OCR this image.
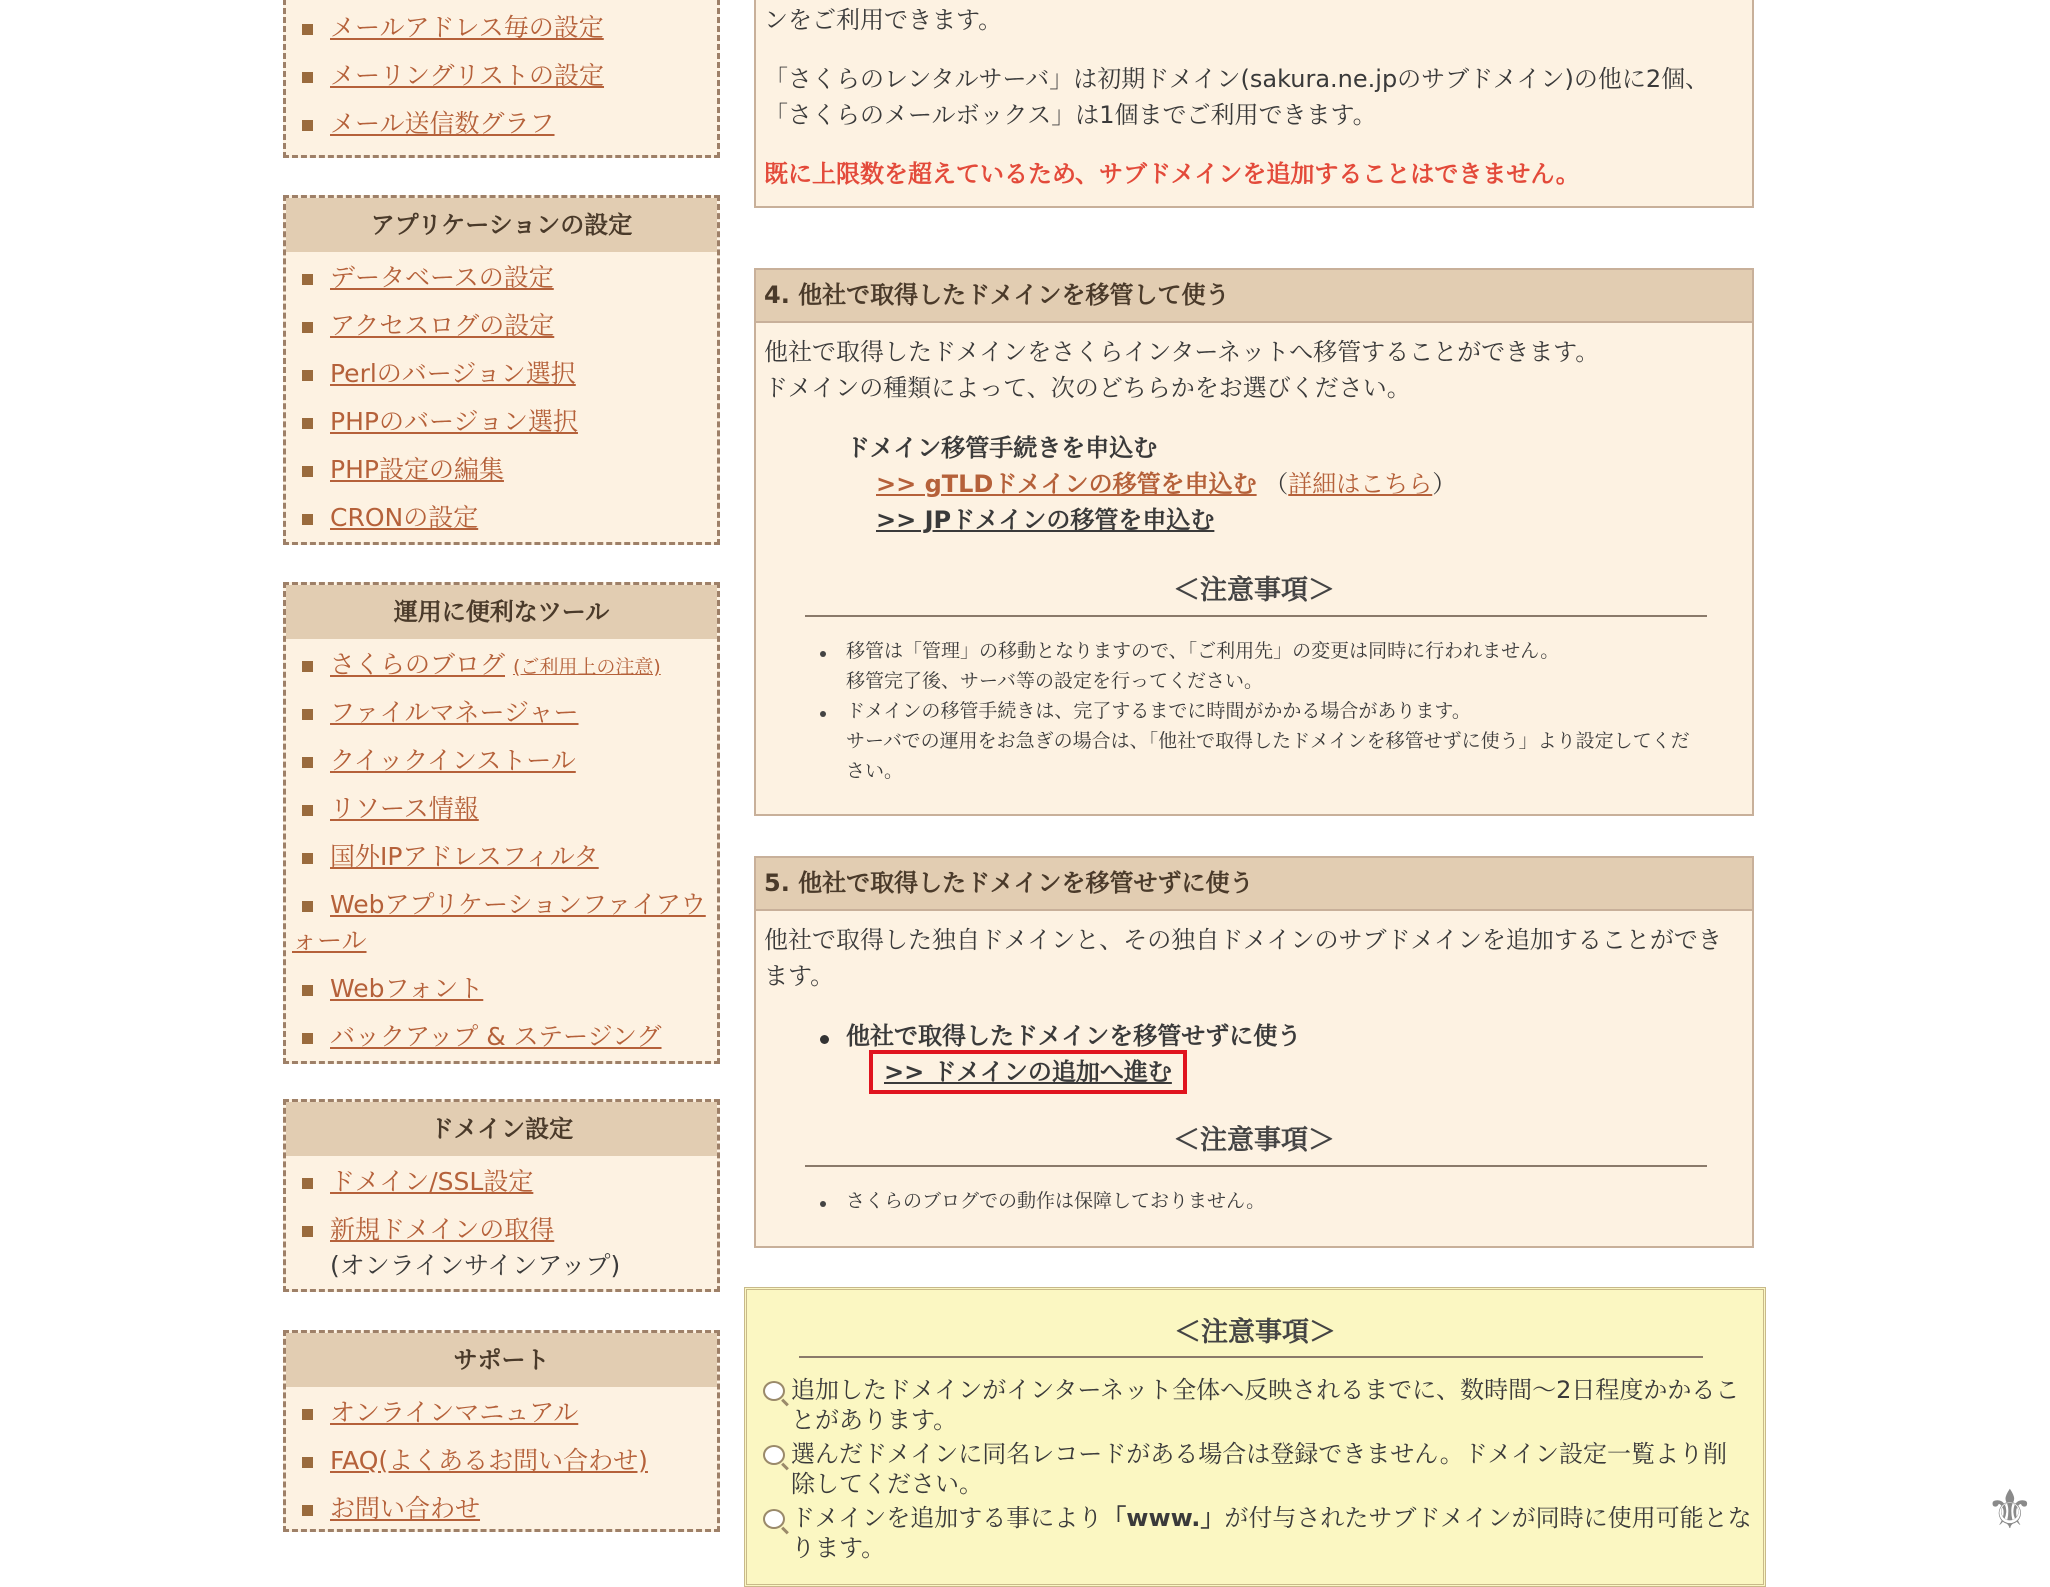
メールアドレス毎の設定
メーリングリストの設定
メール送信数グラフ
アプリケーションの設定
データベースの設定
アクセスログの設定
Perlのバージョン選択
PHPのバージョン選択
PHP設定の編集
CRONの設定
運用に便利なツール
さくらのブログ (ご利用上の注意)
ファイルマネージャー
クイックインストール
リソース情報
国外IPアドレスフィルタ
Webアプリケーションファイアウ
ォール
Webフォント
バックアップ & ステージング
ドメイン設定
ドメイン/SSL設定
新規ドメインの取得
(オンラインサインアップ)
サポート
オンラインマニュアル
FAQ(よくあるお問い合わせ)
お問い合わせ
ンをご利用できます。
「さくらのレンタルサーバ」は初期ドメイン(sakura.ne.jpのサブドメイン)の他に2個、
「さくらのメールボックス」は1個までご利用できます。
既に上限数を超えているため、サブドメインを追加することはできません。
4. 他社で取得したドメインを移管して使う
他社で取得したドメインをさくらインターネットへ移管することができます。
ドメインの種類によって、次のどちらかをお選びください。
ドメイン移管手続きを申込む
>> gTLDドメインの移管を申込む （詳細はこちら）
>> JPドメインの移管を申込む
＜注意事項＞
移管は「管理」の移動となりますので、「ご利用先」の変更は同時に行われません。
移管完了後、サーバ等の設定を行ってください。
ドメインの移管手続きは、完了するまでに時間がかかる場合があります。
サーバでの運用をお急ぎの場合は、「他社で取得したドメインを移管せずに使う」より設定してくだ
さい。
5. 他社で取得したドメインを移管せずに使う
他社で取得した独自ドメインと、その独自ドメインのサブドメインを追加することができ
ます。
他社で取得したドメインを移管せずに使う
>> ドメインの追加へ進む
＜注意事項＞
さくらのブログでの動作は保障しておりません。
＜注意事項＞
追加したドメインがインターネット全体へ反映されるまでに、数時間〜2日程度かかるこ
とがあります。
選んだドメインに同名レコードがある場合は登録できません。ドメイン設定一覧より削
除してください。
ドメインを追加する事により「www.」が付与されたサブドメインが同時に使用可能とな
ります。	⚜
